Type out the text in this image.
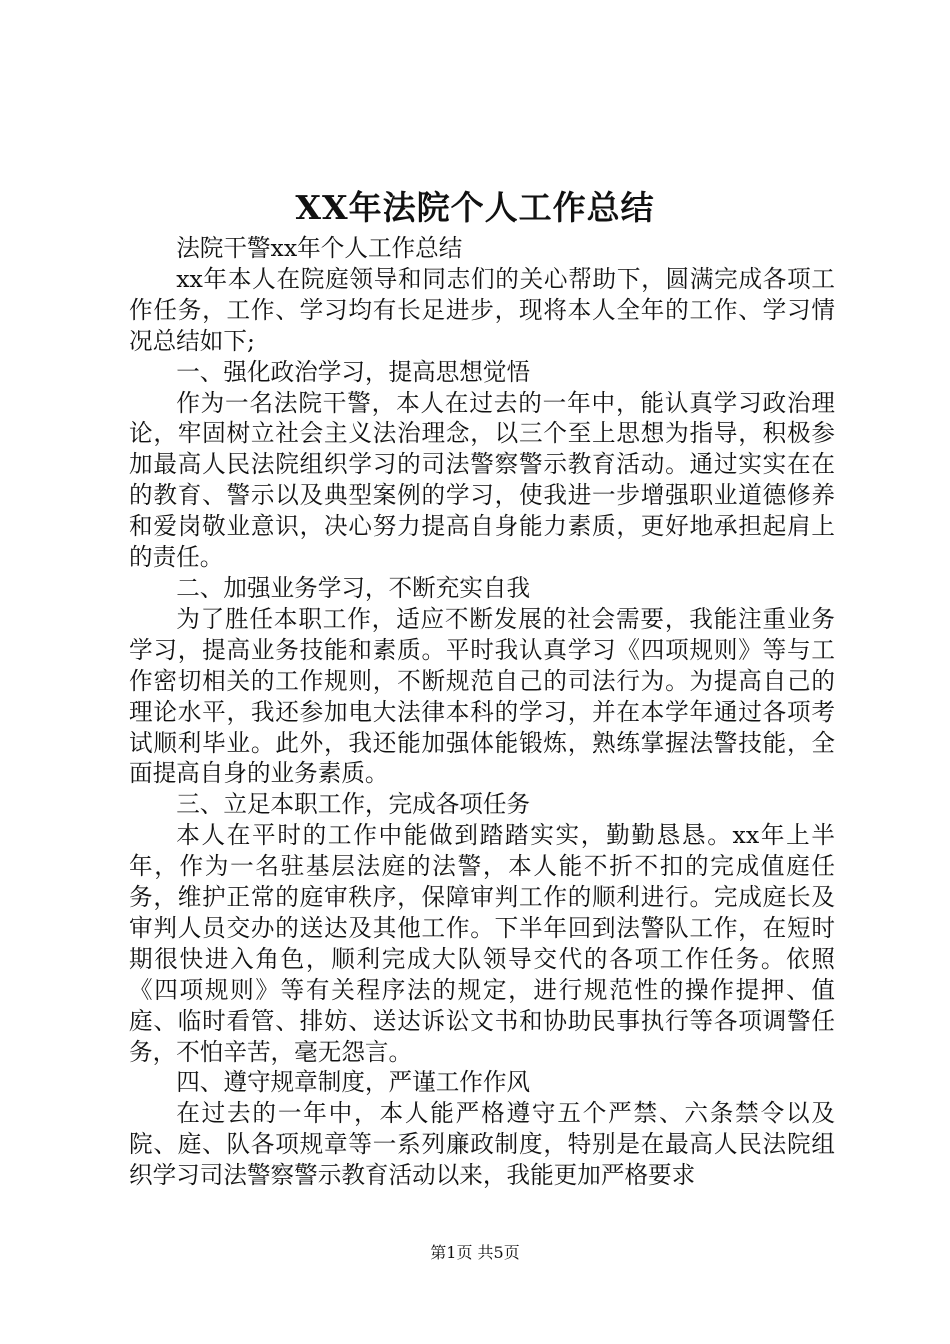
XX年法院个人工作总结

法院干警xx年个人工作总结

xx年本人在院庭领导和同志们的关心帮助下，圆满完成各项工作任务，工作、学习均有长足进步，现将本人全年的工作、学习情况总结如下;

一、强化政治学习，提高思想觉悟

作为一名法院干警，本人在过去的一年中，能认真学习政治理论，牢固树立社会主义法治理念，以三个至上思想为指导，积极参加最高人民法院组织学习的司法警察警示教育活动。通过实实在在的教育、警示以及典型案例的学习，使我进一步增强职业道德修养和爱岗敬业意识，决心努力提高自身能力素质，更好地承担起肩上的责任。

二、加强业务学习，不断充实自我

为了胜任本职工作，适应不断发展的社会需要，我能注重业务学习，提高业务技能和素质。平时我认真学习《四项规则》等与工作密切相关的工作规则，不断规范自己的司法行为。为提高自己的理论水平，我还参加电大法律本科的学习，并在本学年通过各项考试顺利毕业。此外，我还能加强体能锻炼，熟练掌握法警技能，全面提高自身的业务素质。

三、立足本职工作，完成各项任务

本人在平时的工作中能做到踏踏实实，勤勤恳恳。xx年上半年，作为一名驻基层法庭的法警，本人能不折不扣的完成值庭任务，维护正常的庭审秩序，保障审判工作的顺利进行。完成庭长及审判人员交办的送达及其他工作。下半年回到法警队工作，在短时期很快进入角色，顺利完成大队领导交代的各项工作任务。依照《四项规则》等有关程序法的规定，进行规范性的操作提押、值庭、临时看管、排妨、送达诉讼文书和协助民事执行等各项调警任务，不怕辛苦，毫无怨言。

四、遵守规章制度，严谨工作作风

在过去的一年中，本人能严格遵守五个严禁、六条禁令以及院、庭、队各项规章等一系列廉政制度，特别是在最高人民法院组织学习司法警察警示教育活动以来，我能更加严格要求

第1页 共5页
